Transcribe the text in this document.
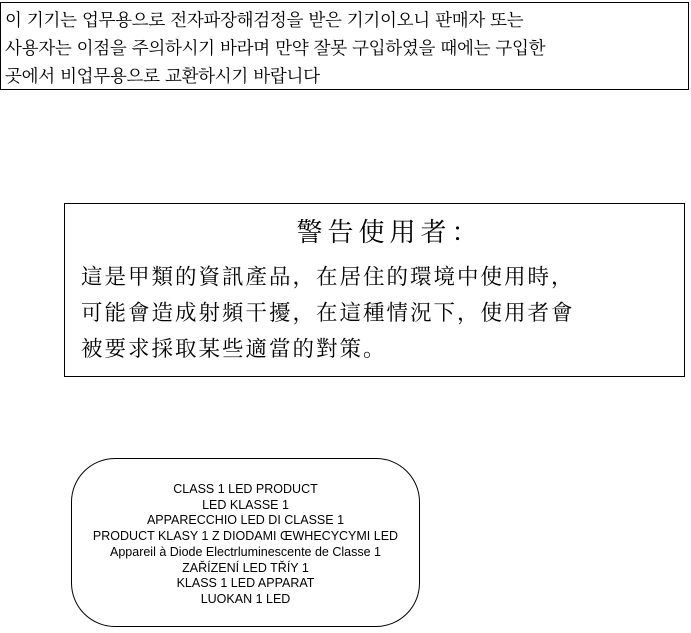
이 기기는 업무용으로 전자파장해검정을 받은 기기이오니 판매자 또는
사용자는 이점을 주의하시기 바라며 만약 잘못 구입하였을 때에는 구입한
곳에서 비업무용으로 교환하시기 바랍니다
警告使用者：
這是甲類的資訊產品，在居住的環境中使用時，
可能會造成射頻干擾，在這種情況下，使用者會
被要求採取某些適當的對策。
CLASS 1 LED PRODUCT
LED KLASSE 1
APPARECCHIO LED DI CLASSE 1
PRODUCT KLASY 1 Z DIODAMI ŒWHECYCYMI LED
Appareil à Diode Electrluminescente de Classe 1
ZAŘÍZENÍ LED TŘÍY 1
KLASS 1 LED APPARAT
LUOKAN 1 LED
